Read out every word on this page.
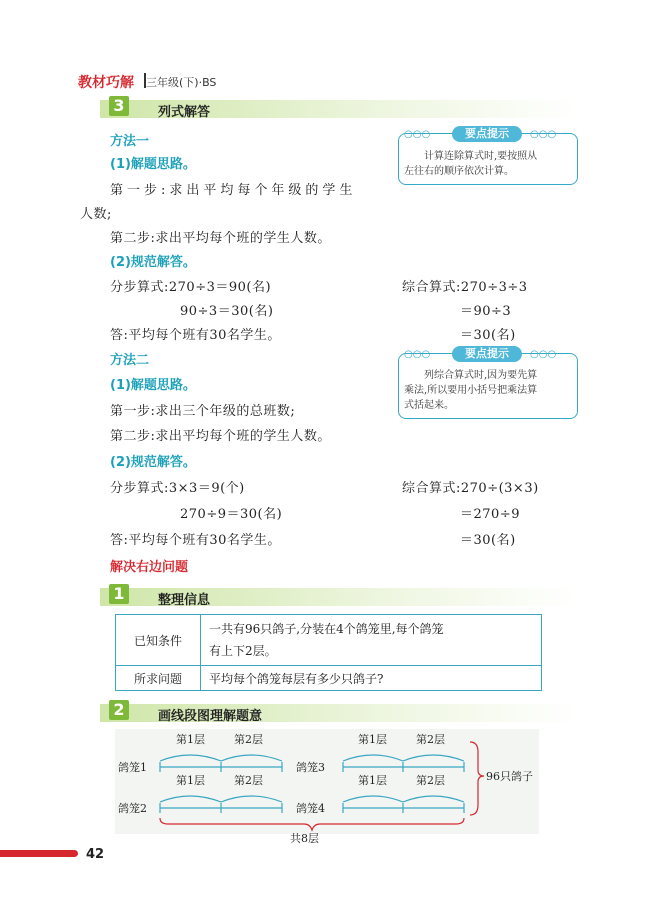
教材巧解 三年级(下)·BS
3	列式解答
方法一
(1)解题思路。
第一步:求出平均每个年级的学生
人数;
第二步:求出平均每个班的学生人数。
(2)规范解答。
分步算式:270÷3＝90(名)
90÷3＝30(名)
答:平均每个班有30名学生。
综合算式:270÷3÷3
＝90÷3
＝30(名)
○○○	○○○
要点提示
计算连除算式时,要按照从
左往右的顺序依次计算。
方法二
(1)解题思路。
第一步:求出三个年级的总班数;
第二步:求出平均每个班的学生人数。
(2)规范解答。
分步算式:3×3＝9(个)
270÷9＝30(名)
答:平均每个班有30名学生。
综合算式:270÷(3×3)
＝270÷9
＝30(名)
○○○	○○○
要点提示
列综合算式时,因为要先算
乘法,所以要用小括号把乘法算
式括起来。
解决右边问题
1	整理信息
已知条件	一共有96只鸽子,分装在4个鸽笼里,每个鸽笼
有上下2层。

所求问题	平均每个鸽笼每层有多少只鸽子?
2	画线段图理解题意
第1层	第2层
第1层	第2层
第1层	第2层
第1层	第2层
鸽笼1
鸽笼2
鸽笼3
鸽笼4
96只鸽子
共8层
42
